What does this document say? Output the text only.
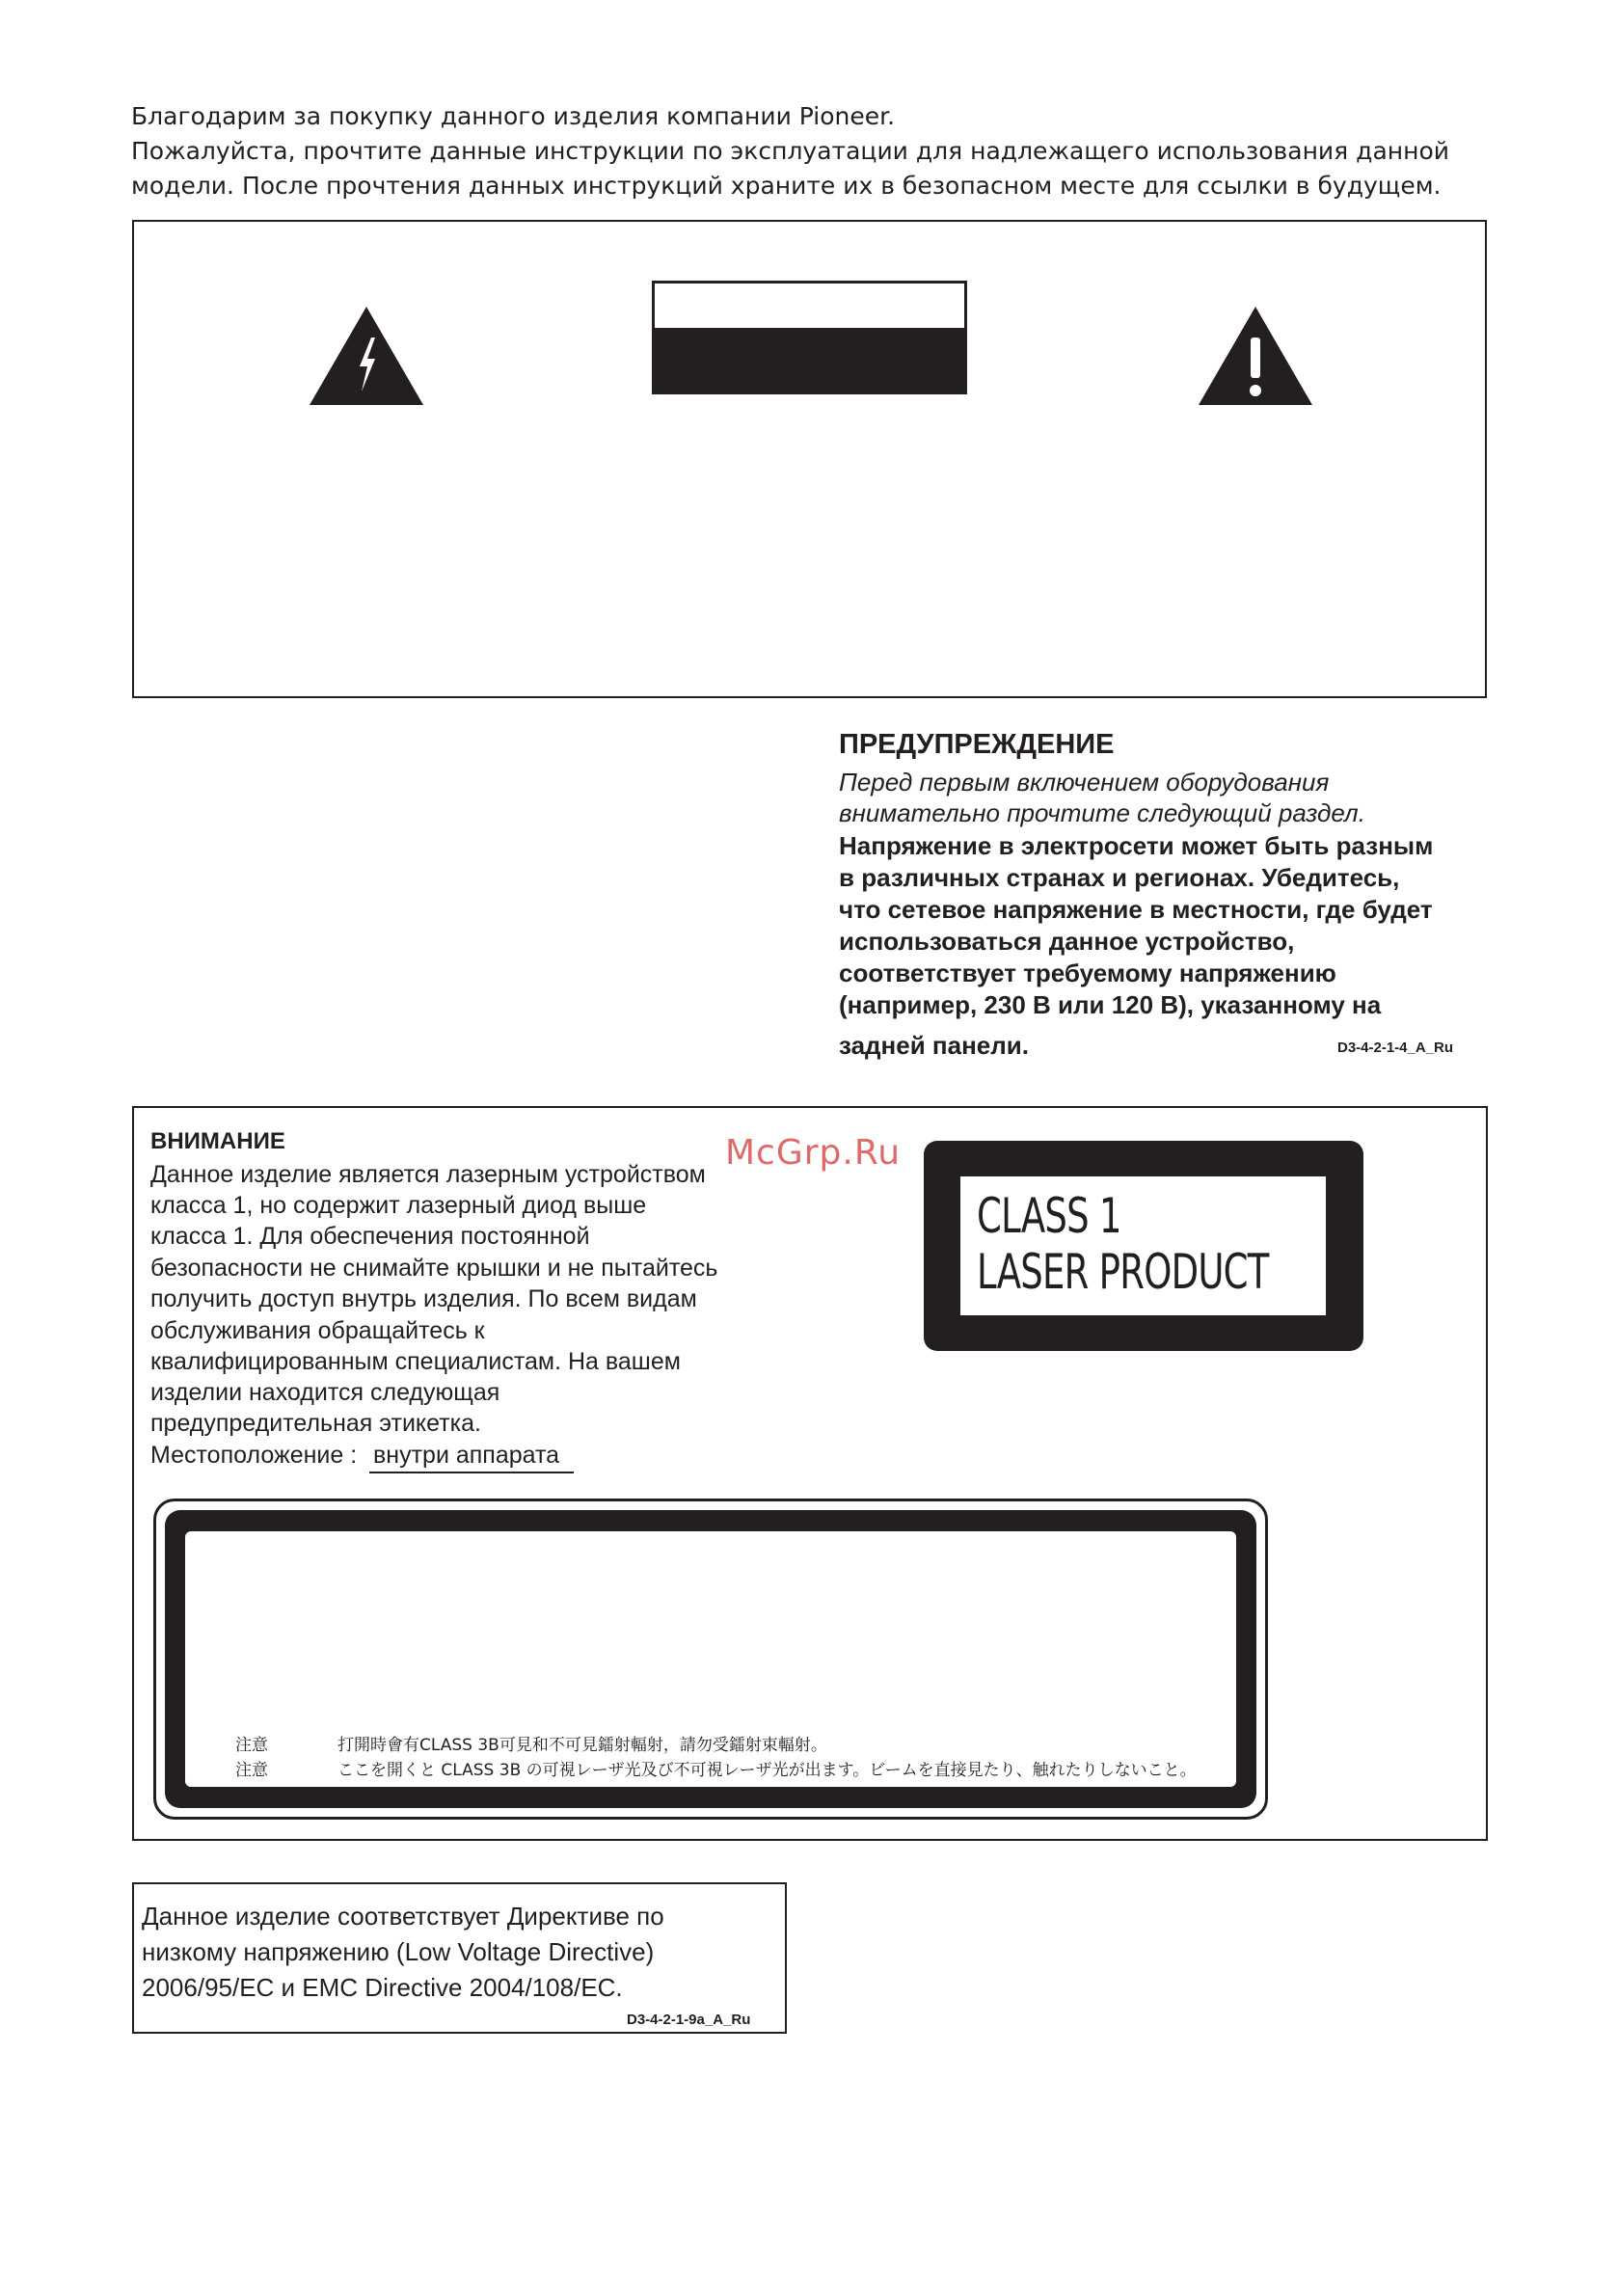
Благодарим за покупку данного изделия компании Pioneer.
Пожалуйста, прочтите данные инструкции по эксплуатации для надлежащего использования данной
модели. После прочтения данных инструкций храните их в безопасном месте для ссылки в будущем.
ПРЕДУПРЕЖДЕНИЕ
Перед первым включением оборудования
внимательно прочтите следующий раздел.
Напряжение в электросети может быть разным
в различных странах и регионах. Убедитесь,
что сетевое напряжение в местности, где будет
использоваться данное устройство,
соответствует требуемому напряжению
(например, 230 В или 120 В), указанному на
задней панели.	D3-4-2-1-4_A_Ru
ВНИМАНИЕ
Данное изделие является лазерным устройством
класса 1, но содержит лазерный диод выше
класса 1. Для обеспечения постоянной
безопасности не снимайте крышки и не пытайтесь
получить доступ внутрь изделия. По всем видам
обслуживания обращайтесь к
квалифицированным специалистам. На вашем
изделии находится следующая
предупредительная этикетка.
Местоположение : внутри аппарата
McGrp.Ru
CLASS 1
LASER PRODUCT
注意	打開時會有CLASS 3B可見和不可見鐳射輻射，請勿受鐳射束輻射。
注意	ここを開くと CLASS 3B の可視レーザ光及び不可視レーザ光が出ます。ビームを直接見たり、触れたりしないこと。
Данное изделие соответствует Директиве по
низкому напряжению (Low Voltage Directive)
2006/95/EC и EMC Directive 2004/108/EC.
D3-4-2-1-9a_A_Ru
